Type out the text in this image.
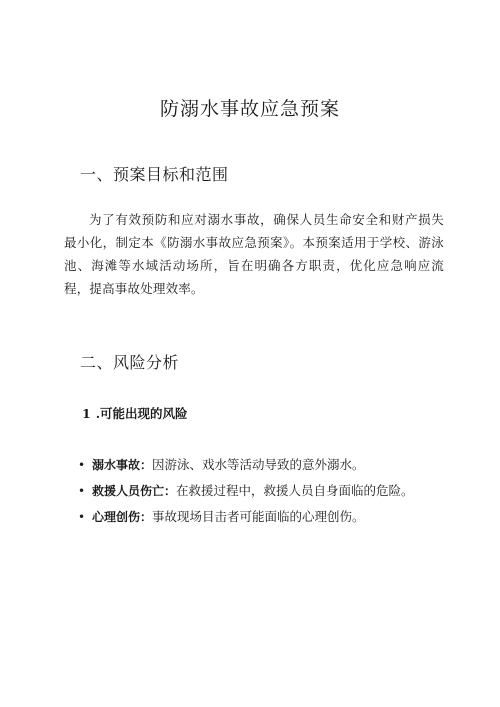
防溺水事故应急预案
一、预案目标和范围

为了有效预防和应对溺水事故，确保人员生命安全和财产损失最小化，制定本《防溺水事故应急预案》。本预案适用于学校、游泳池、海滩等水域活动场所，旨在明确各方职责，优化应急响应流程，提高事故处理效率。

二、风险分析
1 .可能出现的风险
• 溺水事故：因游泳、戏水等活动导致的意外溺水。
• 救援人员伤亡：在救援过程中，救援人员自身面临的危险。
• 心理创伤：事故现场目击者可能面临的心理创伤。
